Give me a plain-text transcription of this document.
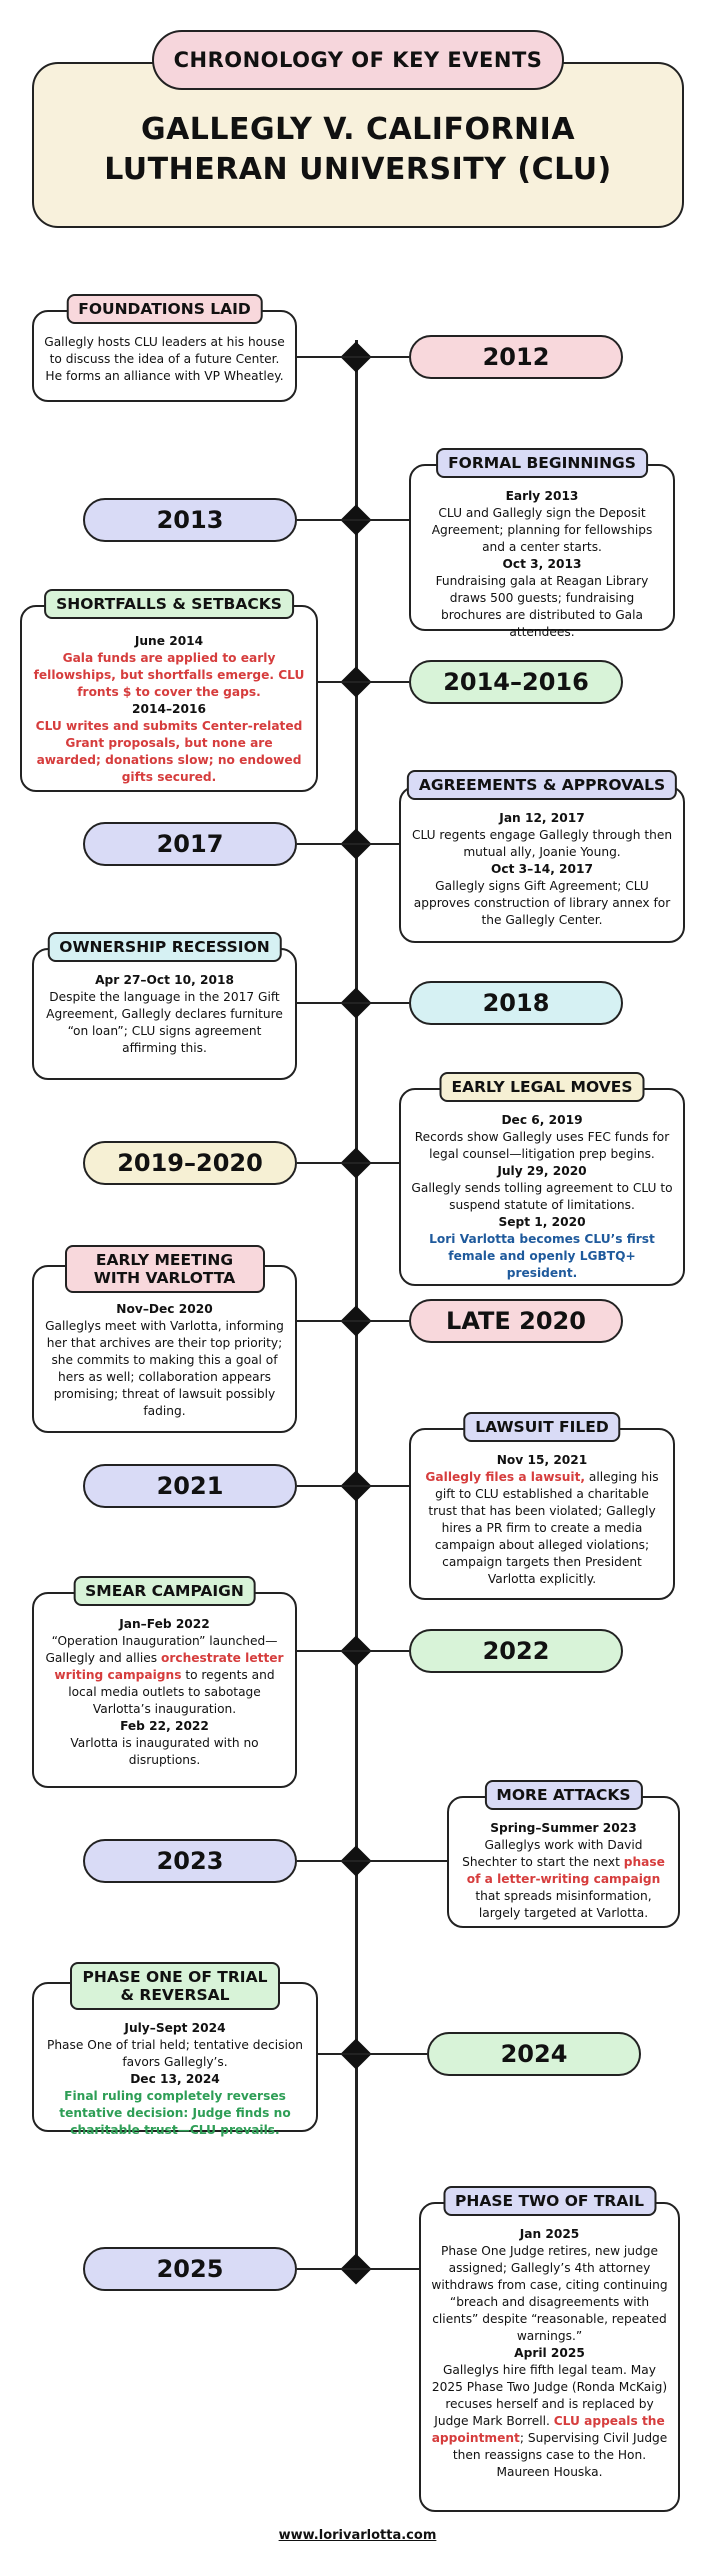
CHRONOLOGY OF KEY EVENTS
GALLEGLY V. CALIFORNIA
LUTHERAN UNIVERSITY (CLU)
2012
2013
2014–2016
2017
2018
2019–2020
LATE 2020
2021
2022
2023
2024
2025
FOUNDATIONS LAID

Gallegly hosts CLU leaders at his house to discuss the idea of a future Center. He forms an alliance with VP Wheatley.

FORMAL BEGINNINGS

Early 2013

CLU and Gallegly sign the Deposit Agreement; planning for fellowships and a center starts.

Oct 3, 2013

Fundraising gala at Reagan Library draws 500 guests; fundraising brochures are distributed to Gala attendees.

SHORTFALLS & SETBACKS

June 2014

Gala funds are applied to early fellowships, but shortfalls emerge. CLU fronts $ to cover the gaps.

2014–2016

CLU writes and submits Center-related Grant proposals, but none are awarded; donations slow; no endowed gifts secured.	AGREEMENTS & APPROVALS

Jan 12, 2017

CLU regents engage Gallegly through then mutual ally, Joanie Young.

Oct 3–14, 2017

Gallegly signs Gift Agreement; CLU approves construction of library annex for the Gallegly Center.

OWNERSHIP RECESSION

Apr 27–Oct 10, 2018

Despite the language in the 2017 Gift Agreement, Gallegly declares furniture “on loan”; CLU signs agreement affirming this.

EARLY LEGAL MOVES

Dec 6, 2019

Records show Gallegly uses FEC funds for legal counsel—litigation prep begins.

July 29, 2020

Gallegly sends tolling agreement to CLU to suspend statute of limitations.

Sept 1, 2020

Lori Varlotta becomes CLU’s first female and openly LGBTQ+ president.

EARLY MEETING WITH VARLOTTA

Nov–Dec 2020

Galleglys meet with Varlotta, informing her that archives are their top priority; she commits to making this a goal of hers as well; collaboration appears promising; threat of lawsuit possibly fading.

LAWSUIT FILED

Nov 15, 2021

Gallegly files a lawsuit, alleging his gift to CLU established a charitable trust that has been violated; Gallegly hires a PR firm to create a media campaign about alleged violations; campaign targets then President Varlotta explicitly.

SMEAR CAMPAIGN

Jan–Feb 2022

“Operation Inauguration” launched—Gallegly and allies orchestrate letter writing campaigns to regents and local media outlets to sabotage Varlotta’s inauguration.

Feb 22, 2022

Varlotta is inaugurated with no disruptions.

MORE ATTACKS

Spring–Summer 2023

Galleglys work with David Shechter to start the next phase of a letter-writing campaign that spreads misinformation, largely targeted at Varlotta.

PHASE ONE OF TRIAL & REVERSAL

July–Sept 2024

Phase One of trial held; tentative decision favors Gallegly’s.

Dec 13, 2024

Final ruling completely reverses tentative decision: Judge finds no charitable trust—CLU prevails.

PHASE TWO OF TRAIL

Jan 2025

Phase One Judge retires, new judge assigned; Gallegly’s 4th attorney withdraws from case, citing continuing “breach and disagreements with clients” despite “reasonable, repeated warnings.”

April 2025

Galleglys hire fifth legal team. May 2025 Phase Two Judge (Ronda McKaig) recuses herself and is replaced by Judge Mark Borrell. CLU appeals the appointment; Supervising Civil Judge then reassigns case to the Hon. Maureen Houska.

www.lorivarlotta.com
